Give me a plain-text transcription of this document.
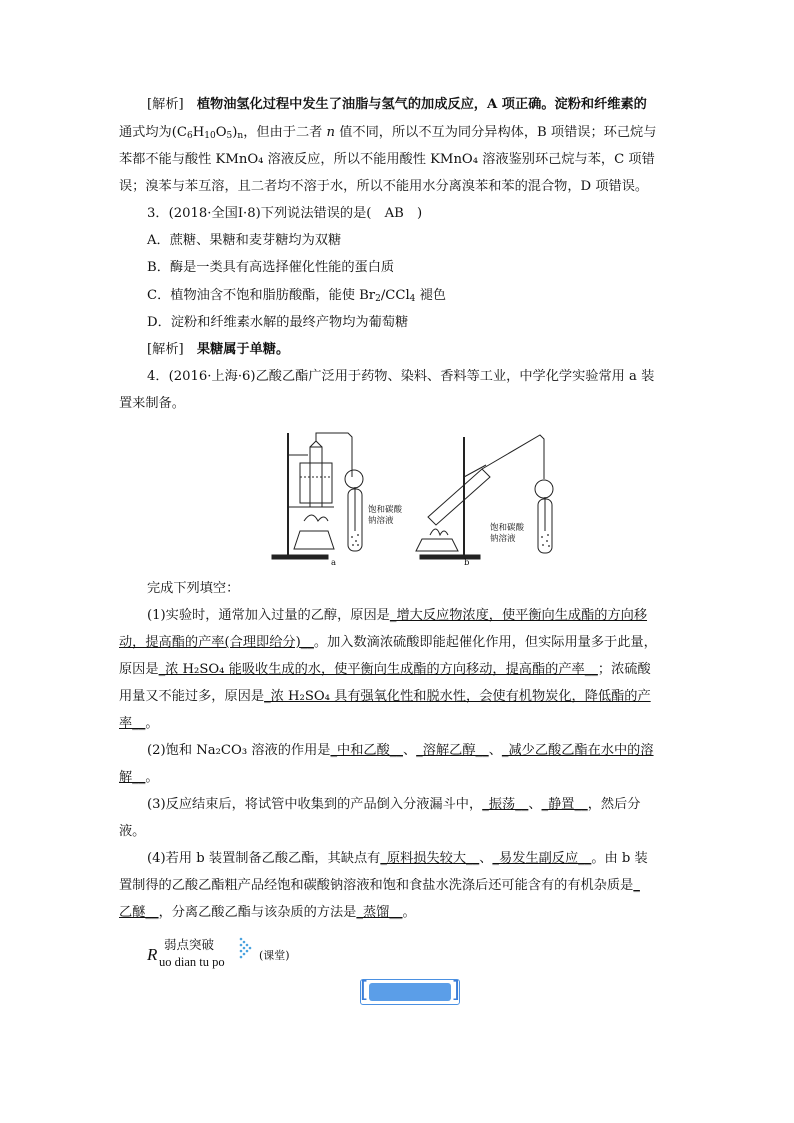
[解析]　 植物油氢化过程中发生了油脂与氢气的加成反应，A 项正确。淀粉和纤维素的
通式均为$(C_6H_{10}O_5)_n$，但由于二者 n 值不同，所以不互为同分异构体，B 项错误；环己烷与
苯都不能与酸性 KMnO₄ 溶液反应，所以不能用酸性 KMnO₄ 溶液鉴别环己烷与苯，C 项错
误；溴苯与苯互溶，且二者均不溶于水，所以不能用水分离溴苯和苯的混合物，D 项错误。
3．(2018·全国Ⅰ·8)下列说法错误的是(　AB　)
A．蔗糖、果糖和麦芽糖均为双糖
B．酶是一类具有高选择催化性能的蛋白质
C．植物油含不饱和脂肪酸酯，能使 $Br_2/CCl_4$ 褪色
D．淀粉和纤维素水解的最终产物均为葡萄糖
[解析]　 果糖属于单糖。
4．(2016·上海·6)乙酸乙酯广泛用于药物、染料、香料等工业，中学化学实验常用 a 装
置来制备。
饱和碳酸
钠溶液
饱和碳酸
钠溶液
a	b
完成下列填空：
(1)实验时，通常加入过量的乙醇，原因是_增大反应物浓度，使平衡向生成酯的方向移
动，提高酯的产率(合理即给分)__。加入数滴浓硫酸即能起催化作用，但实际用量多于此量，
原因是_浓 H₂SO₄ 能吸收生成的水，使平衡向生成酯的方向移动，提高酯的产率__；浓硫酸
用量又不能过多，原因是_浓 H₂SO₄ 具有强氧化性和脱水性，会使有机物炭化，降低酯的产
率__。
(2)饱和 Na₂CO₃ 溶液的作用是_中和乙酸__、_溶解乙醇__、_减少乙酸乙酯在水中的溶
解__。
(3)反应结束后，将试管中收集到的产品倒入分液漏斗中，_振荡__、_静置__，然后分
液。
(4)若用 b 装置制备乙酸乙酯，其缺点有_原料损失较大__、_易发生副反应__。由 b 装
置制得的乙酸乙酯粗产品经饱和碳酸钠溶液和饱和食盐水洗涤后还可能含有的有机杂质是_
乙醚__，分离乙酸乙酯与该杂质的方法是_蒸馏__。
R
弱点突破
uo dian tu po	(课堂)
[	]
